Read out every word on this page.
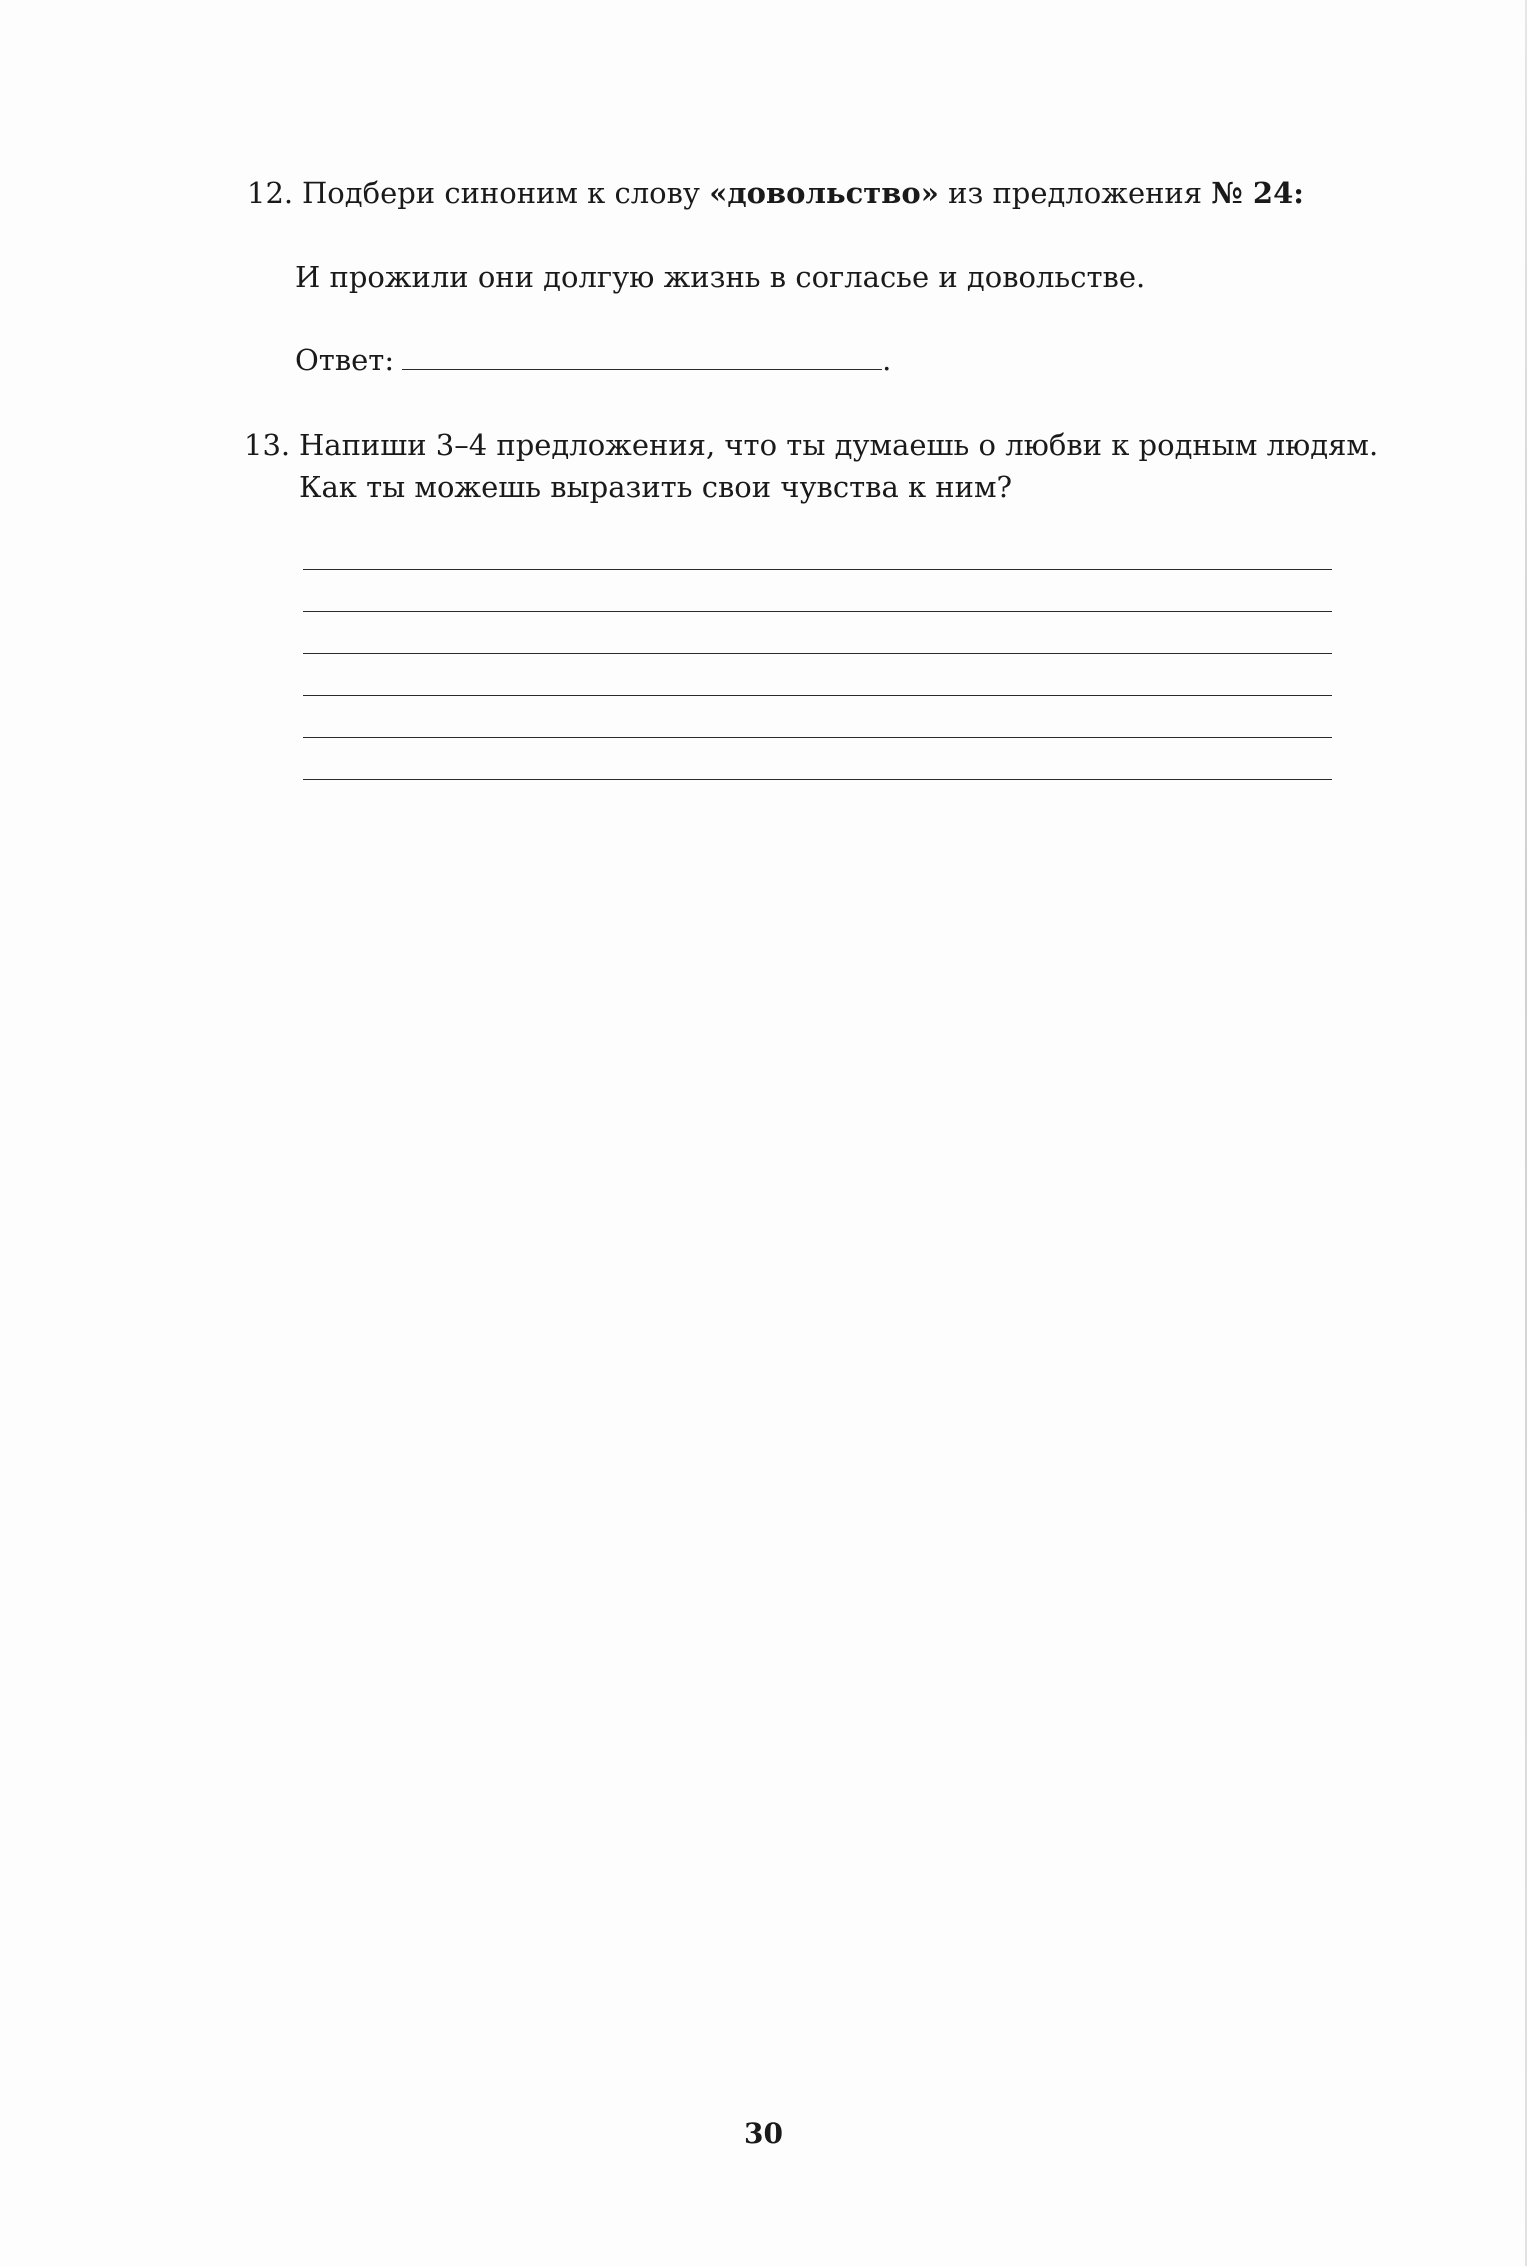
12. Подбери синоним к слову «довольство» из предложения № 24:
И прожили они долгую жизнь в согласье и довольстве.
Ответ:	.
13. Напиши 3–4 предложения, что ты думаешь о любви к родным людям.
Как ты можешь выразить свои чувства к ним?
30
